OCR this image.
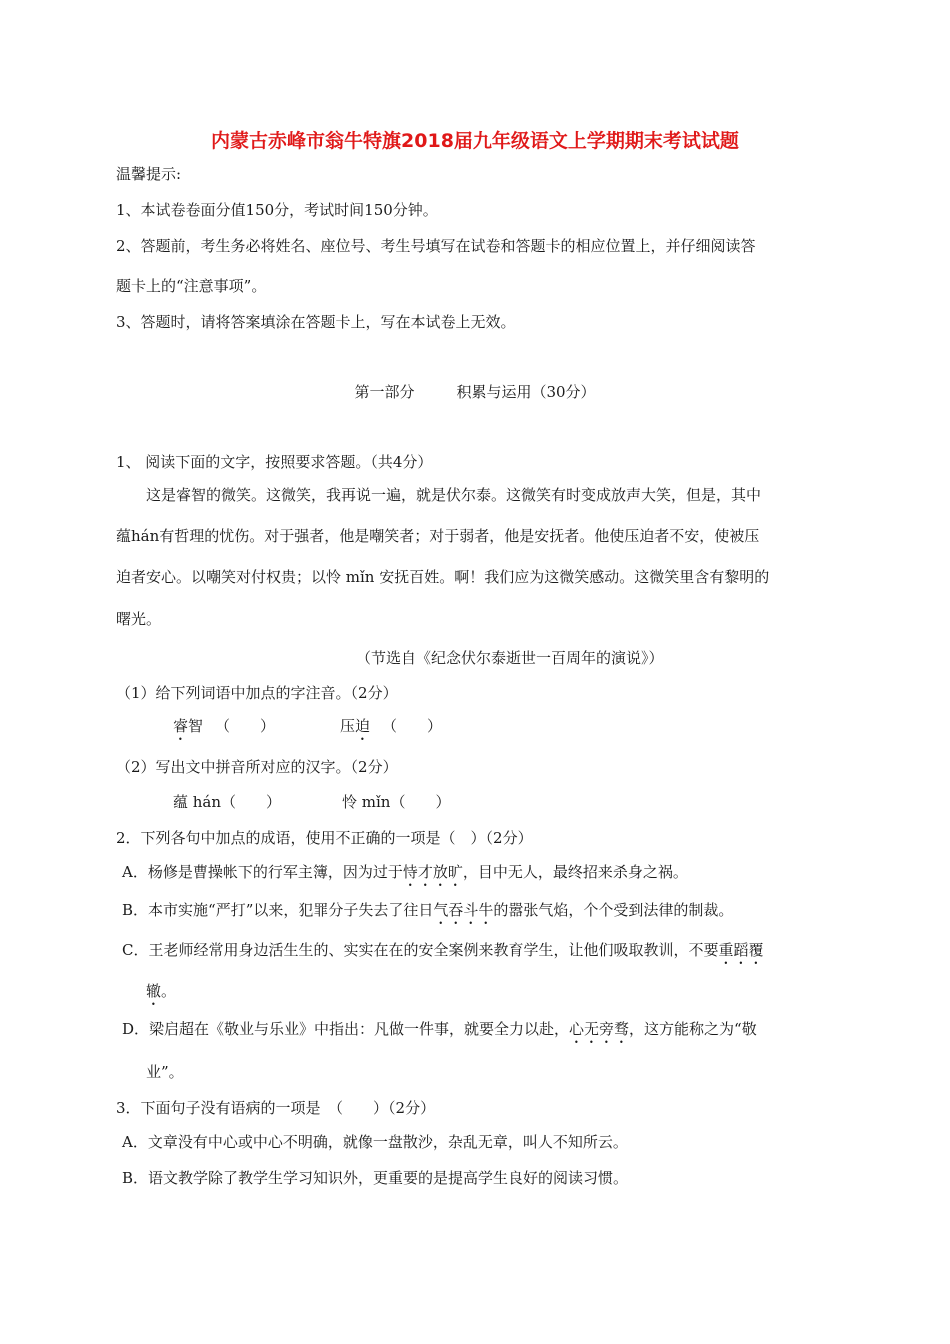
内蒙古赤峰市翁牛特旗2018届九年级语文上学期期末考试试题
温馨提示:
1、本试卷卷面分值150分，考试时间150分钟。
2、答题前，考生务必将姓名、座位号、考生号填写在试卷和答题卡的相应位置上，并仔细阅读答
题卡上的“注意事项”。
3、答题时，请将答案填涂在答题卡上，写在本试卷上无效。
第一部分	积累与运用（30分）
1、 阅读下面的文字，按照要求答题。（共4分）
这是睿智的微笑。这微笑，我再说一遍，就是伏尔泰。这微笑有时变成放声大笑，但是，其中
蕴hán有哲理的忧伤。对于强者，他是嘲笑者；对于弱者，他是安抚者。他使压迫者不安，使被压
迫者安心。以嘲笑对付权贵；以怜 mǐn 安抚百姓。啊！我们应为这微笑感动。这微笑里含有黎明的
曙光。
（节选自《纪念伏尔泰逝世一百周年的演说》）
（1）给下列词语中加点的字注音。（2分）
睿智 （　　）	压迫 （　　）
（2）写出文中拼音所对应的汉字。（2分）
蕴 hán（　　）	怜 mǐn（　　）
2．下列各句中加点的成语，使用不正确的一项是（　）（2分）
A．杨修是曹操帐下的行军主簿，因为过于恃才放旷，目中无人，最终招来杀身之祸。
B．本市实施“严打”以来，犯罪分子失去了往日气吞斗牛的嚣张气焰，个个受到法律的制裁。
C．王老师经常用身边活生生的、实实在在的安全案例来教育学生，让他们吸取教训，不要重蹈覆
辙。
D．梁启超在《敬业与乐业》中指出：凡做一件事，就要全力以赴，心无旁骛，这方能称之为“敬
业”。
3．下面句子没有语病的一项是　（　　）（2分）
A．文章没有中心或中心不明确，就像一盘散沙，杂乱无章，叫人不知所云。
B．语文教学除了教学生学习知识外，更重要的是提高学生良好的阅读习惯。
